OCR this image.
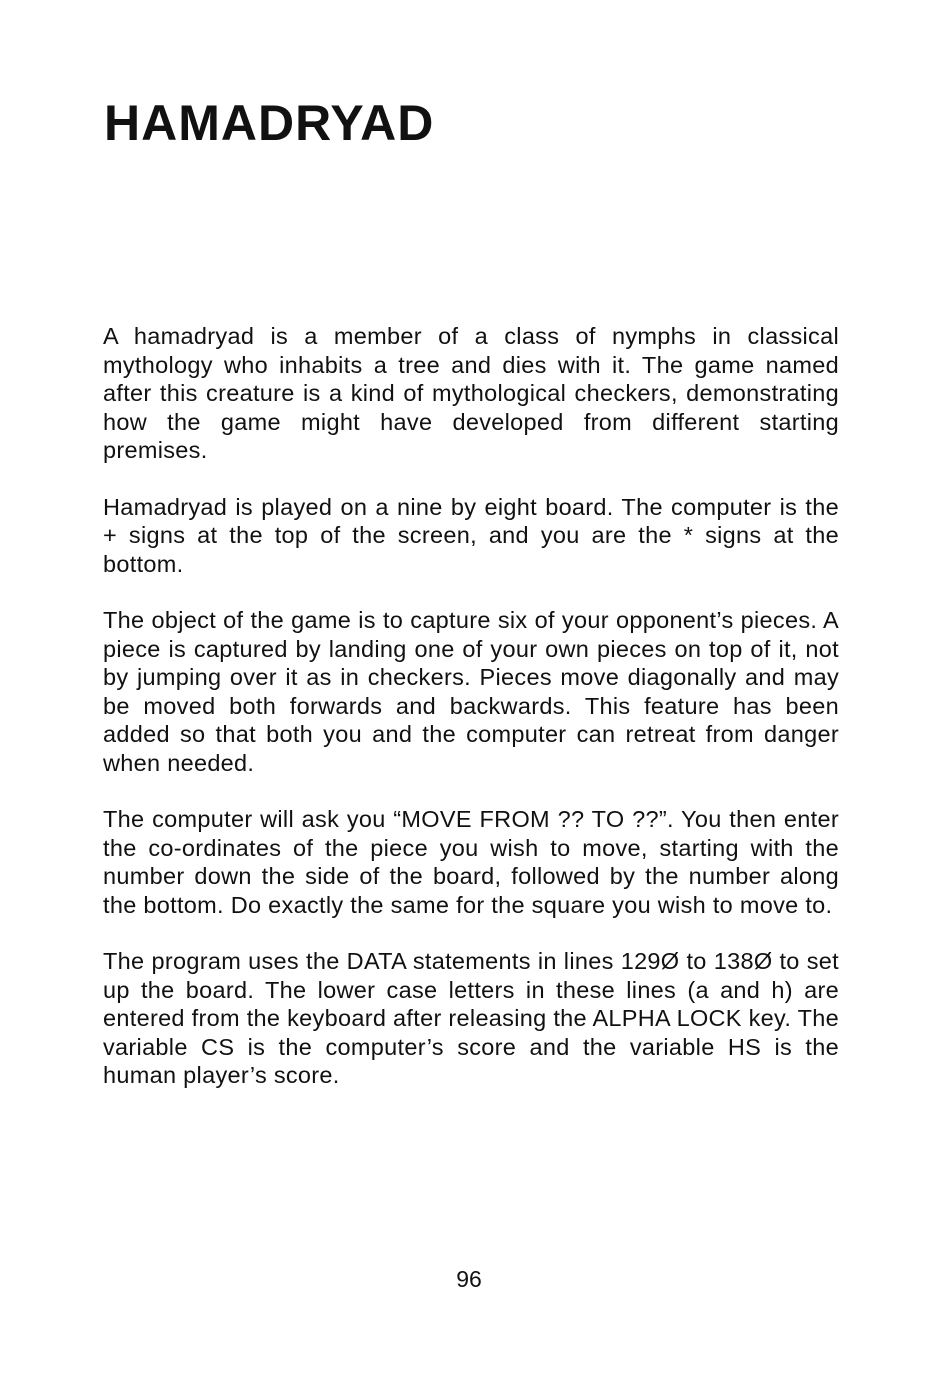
HAMADRYAD

A hamadryad is a member of a class of nymphs in classical mythology who inhabits a tree and dies with it. The game named after this creature is a kind of mythological checkers, demonstrating how the game might have developed from different starting premises.

Hamadryad is played on a nine by eight board. The computer is the + signs at the top of the screen, and you are the * signs at the bottom.

The object of the game is to capture six of your opponent’s pieces. A piece is captured by landing one of your own pieces on top of it, not by jumping over it as in checkers. Pieces move diagonally and may be moved both forwards and backwards. This feature has been added so that both you and the computer can retreat from danger when needed.

The computer will ask you “MOVE FROM ?? TO ??”. You then enter the co-ordinates of the piece you wish to move, starting with the number down the side of the board, followed by the number along the bottom. Do exactly the same for the square you wish to move to.

The program uses the DATA statements in lines 129Ø to 138Ø to set up the board. The lower case letters in these lines (a and h) are entered from the keyboard after releasing the ALPHA LOCK key. The variable CS is the computer’s score and the variable HS is the human player’s score.

96
